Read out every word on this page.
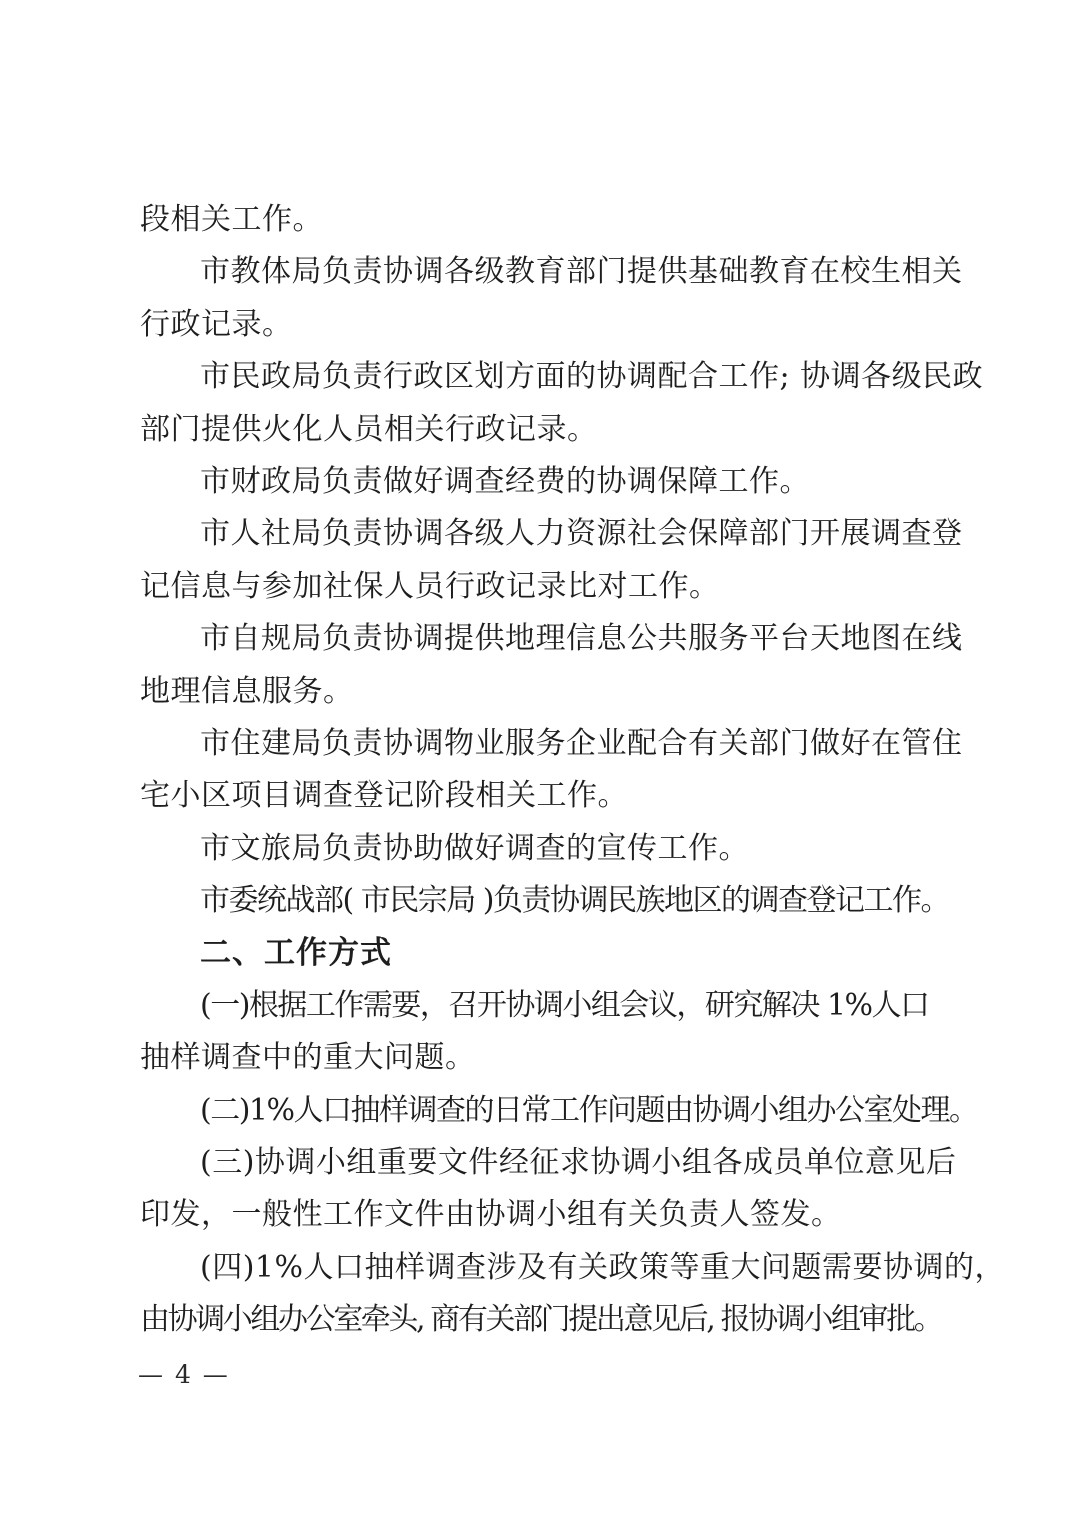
段相关工作。
市教体局负责协调各级教育部门提供基础教育在校生相关
行政记录。
市民政局负责行政区划方面的协调配合工作; 协调各级民政
部门提供火化人员相关行政记录。
市财政局负责做好调查经费的协调保障工作。
市人社局负责协调各级人力资源社会保障部门开展调查登
记信息与参加社保人员行政记录比对工作。
市自规局负责协调提供地理信息公共服务平台天地图在线
地理信息服务。
市住建局负责协调物业服务企业配合有关部门做好在管住
宅小区项目调查登记阶段相关工作。
市文旅局负责协助做好调查的宣传工作。
市委统战部( 市民宗局 )负责协调民族地区的调查登记工作。
二、工作方式
(一)根据工作需要，召开协调小组会议，研究解决 1%人口
抽样调查中的重大问题。
(二)1%人口抽样调查的日常工作问题由协调小组办公室处理。
(三)协调小组重要文件经征求协调小组各成员单位意见后
印发，一般性工作文件由协调小组有关负责人签发。
(四)1%人口抽样调查涉及有关政策等重大问题需要协调的，
由协调小组办公室牵头, 商有关部门提出意见后, 报协调小组审批。
— 4 —
